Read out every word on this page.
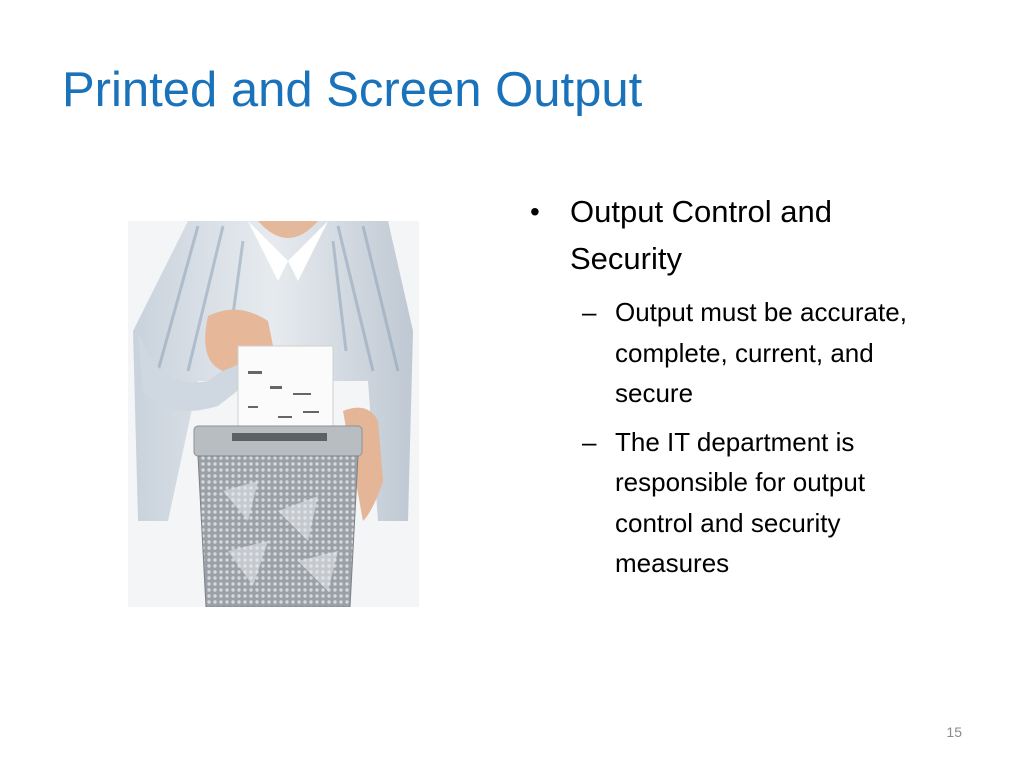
Printed and Screen Output
• Output Control and Security
– Output must be accurate, complete, current, and secure
– The IT department is responsible for output control and security measures
15
